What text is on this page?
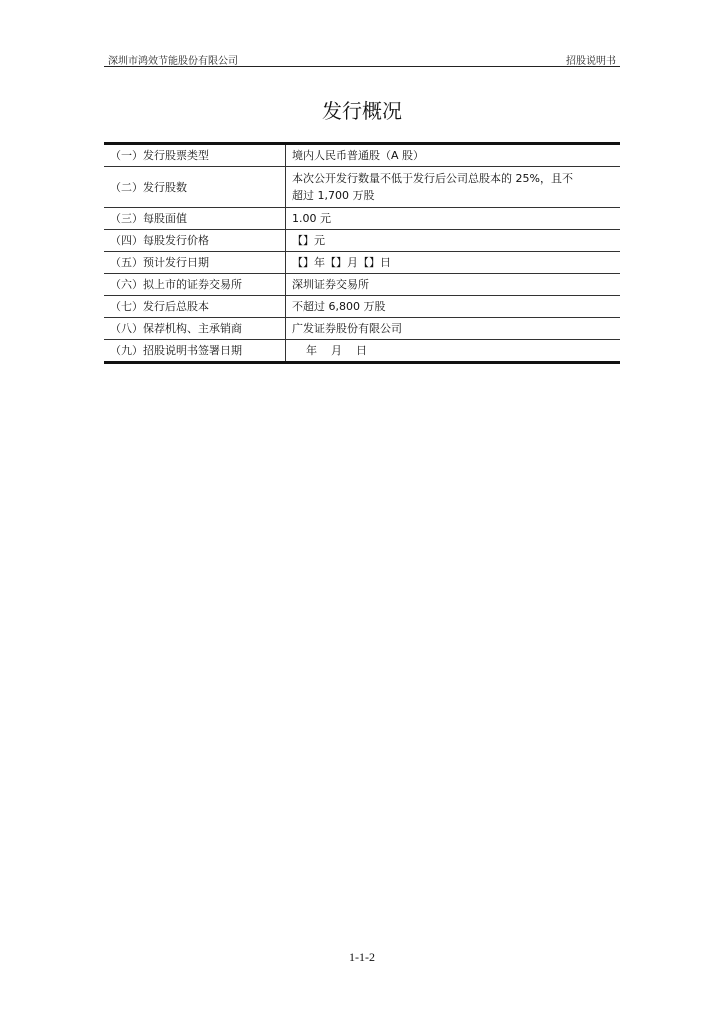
深圳市鸿效节能股份有限公司	招股说明书
发行概况
（一）发行股票类型	境内人民币普通股（A 股）

（二）发行股数	本次公开发行数量不低于发行后公司总股本的 25%，且不
超过 1,700 万股

（三）每股面值	1.00 元

（四）每股发行价格	【】元

（五）预计发行日期	【】年【】月【】日

（六）拟上市的证券交易所	深圳证券交易所

（七）发行后总股本	不超过 6,800 万股

（八）保荐机构、主承销商	广发证券股份有限公司

（九）招股说明书签署日期	年    月    日
1-1-2
